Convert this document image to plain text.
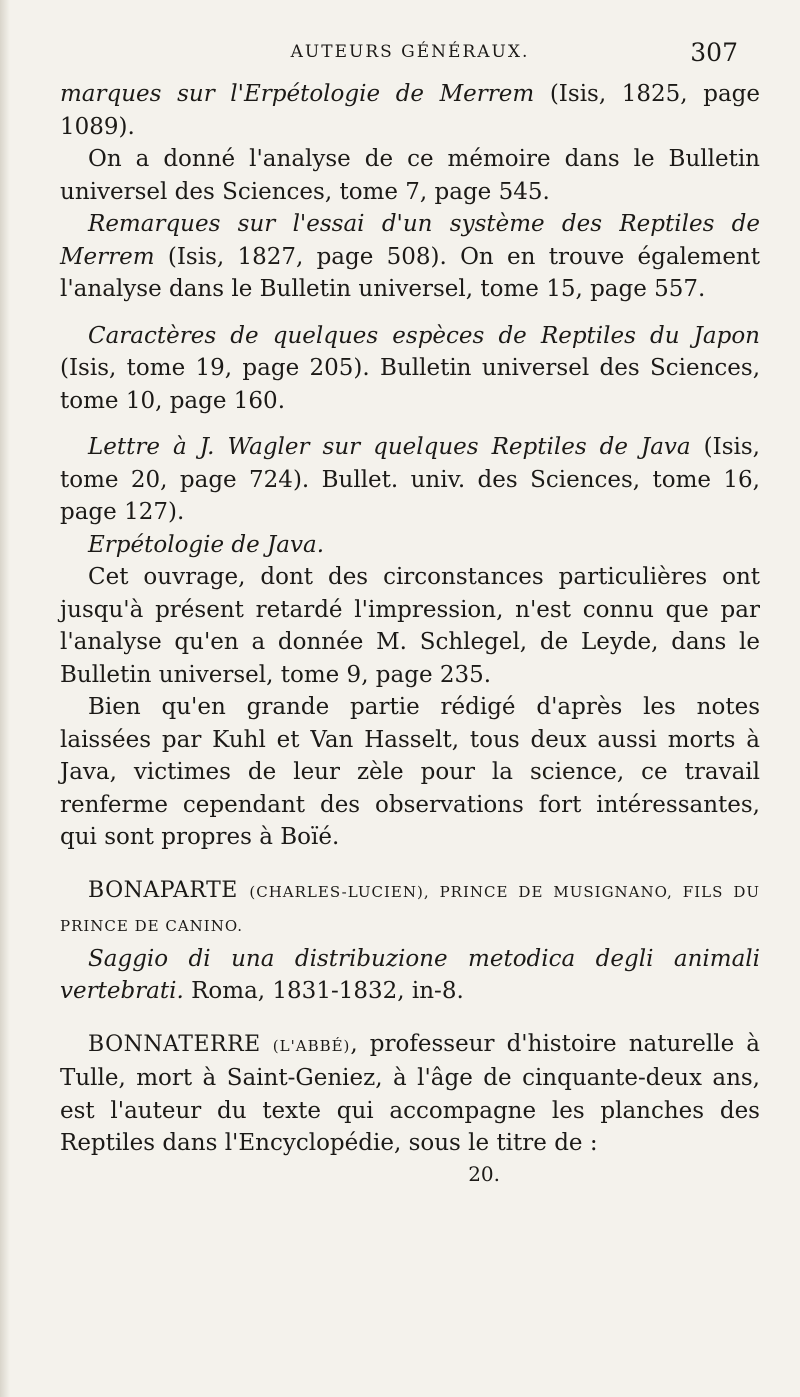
AUTEURS GÉNÉRAUX.	307

marques sur l'Erpétologie de Merrem (Isis, 1825, page 1089).

On a donné l'analyse de ce mémoire dans le Bulletin universel des Sciences, tome 7, page 545.

Remarques sur l'essai d'un système des Reptiles de Merrem (Isis, 1827, page 508). On en trouve également l'analyse dans le Bulletin universel, tome 15, page 557.

Caractères de quelques espèces de Reptiles du Japon (Isis, tome 19, page 205). Bulletin universel des Sciences, tome 10, page 160.

Lettre à J. Wagler sur quelques Reptiles de Java (Isis, tome 20, page 724). Bullet. univ. des Sciences, tome 16, page 127).

Erpétologie de Java.

Cet ouvrage, dont des circonstances particulières ont jusqu'à présent retardé l'impression, n'est connu que par l'analyse qu'en a donnée M. Schlegel, de Leyde, dans le Bulletin universel, tome 9, page 235.

Bien qu'en grande partie rédigé d'après les notes laissées par Kuhl et Van Hasselt, tous deux aussi morts à Java, victimes de leur zèle pour la science, ce travail renferme cependant des observations fort intéressantes, qui sont propres à Boïé.

BONAPARTE (CHARLES-LUCIEN), PRINCE DE MUSIGNANO, FILS DU PRINCE DE CANINO.

Saggio di una distribuzione metodica degli animali vertebrati. Roma, 1831-1832, in-8.

BONNATERRE (L'ABBÉ), professeur d'histoire naturelle à Tulle, mort à Saint-Geniez, à l'âge de cinquante-deux ans, est l'auteur du texte qui accompagne les planches des Reptiles dans l'Encyclopédie, sous le titre de :

20.
